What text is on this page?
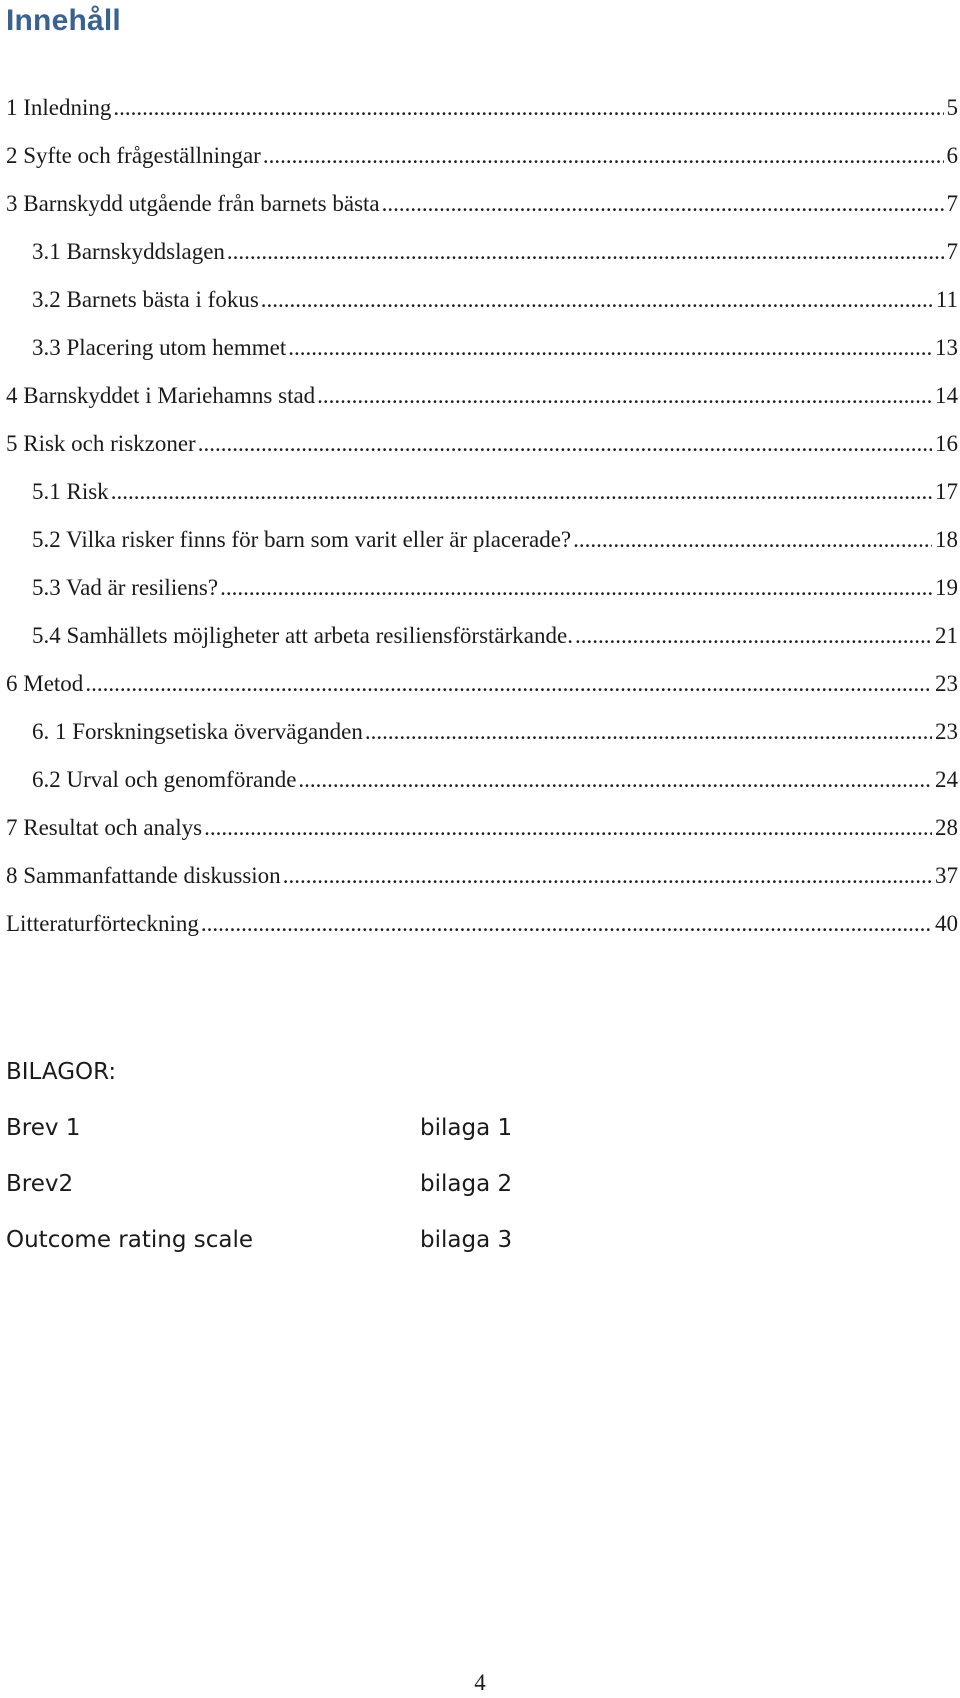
Innehåll
1 Inledning .....	5
2 Syfte och frågeställningar .....	6
3 Barnskydd utgående från barnets bästa .....	7
3.1 Barnskyddslagen .....	7
3.2 Barnets bästa i fokus .....	11
3.3 Placering utom hemmet .....	13
4 Barnskyddet i Mariehamns stad .....	14
5 Risk och riskzoner .....	16
5.1 Risk .....	17
5.2 Vilka risker finns för barn som varit eller är placerade? .....	18
5.3 Vad är resiliens? .....	19
5.4 Samhällets möjligheter att arbeta resiliensförstärkande. .....	21
6 Metod .....	23
6. 1 Forskningsetiska överväganden .....	23
6.2 Urval och genomförande .....	24
7 Resultat och analys .....	28
8 Sammanfattande diskussion .....	37
Litteraturförteckning .....	40
BILAGOR:
Brev 1	bilaga 1
Brev2	bilaga 2
Outcome rating scale	bilaga 3
4
